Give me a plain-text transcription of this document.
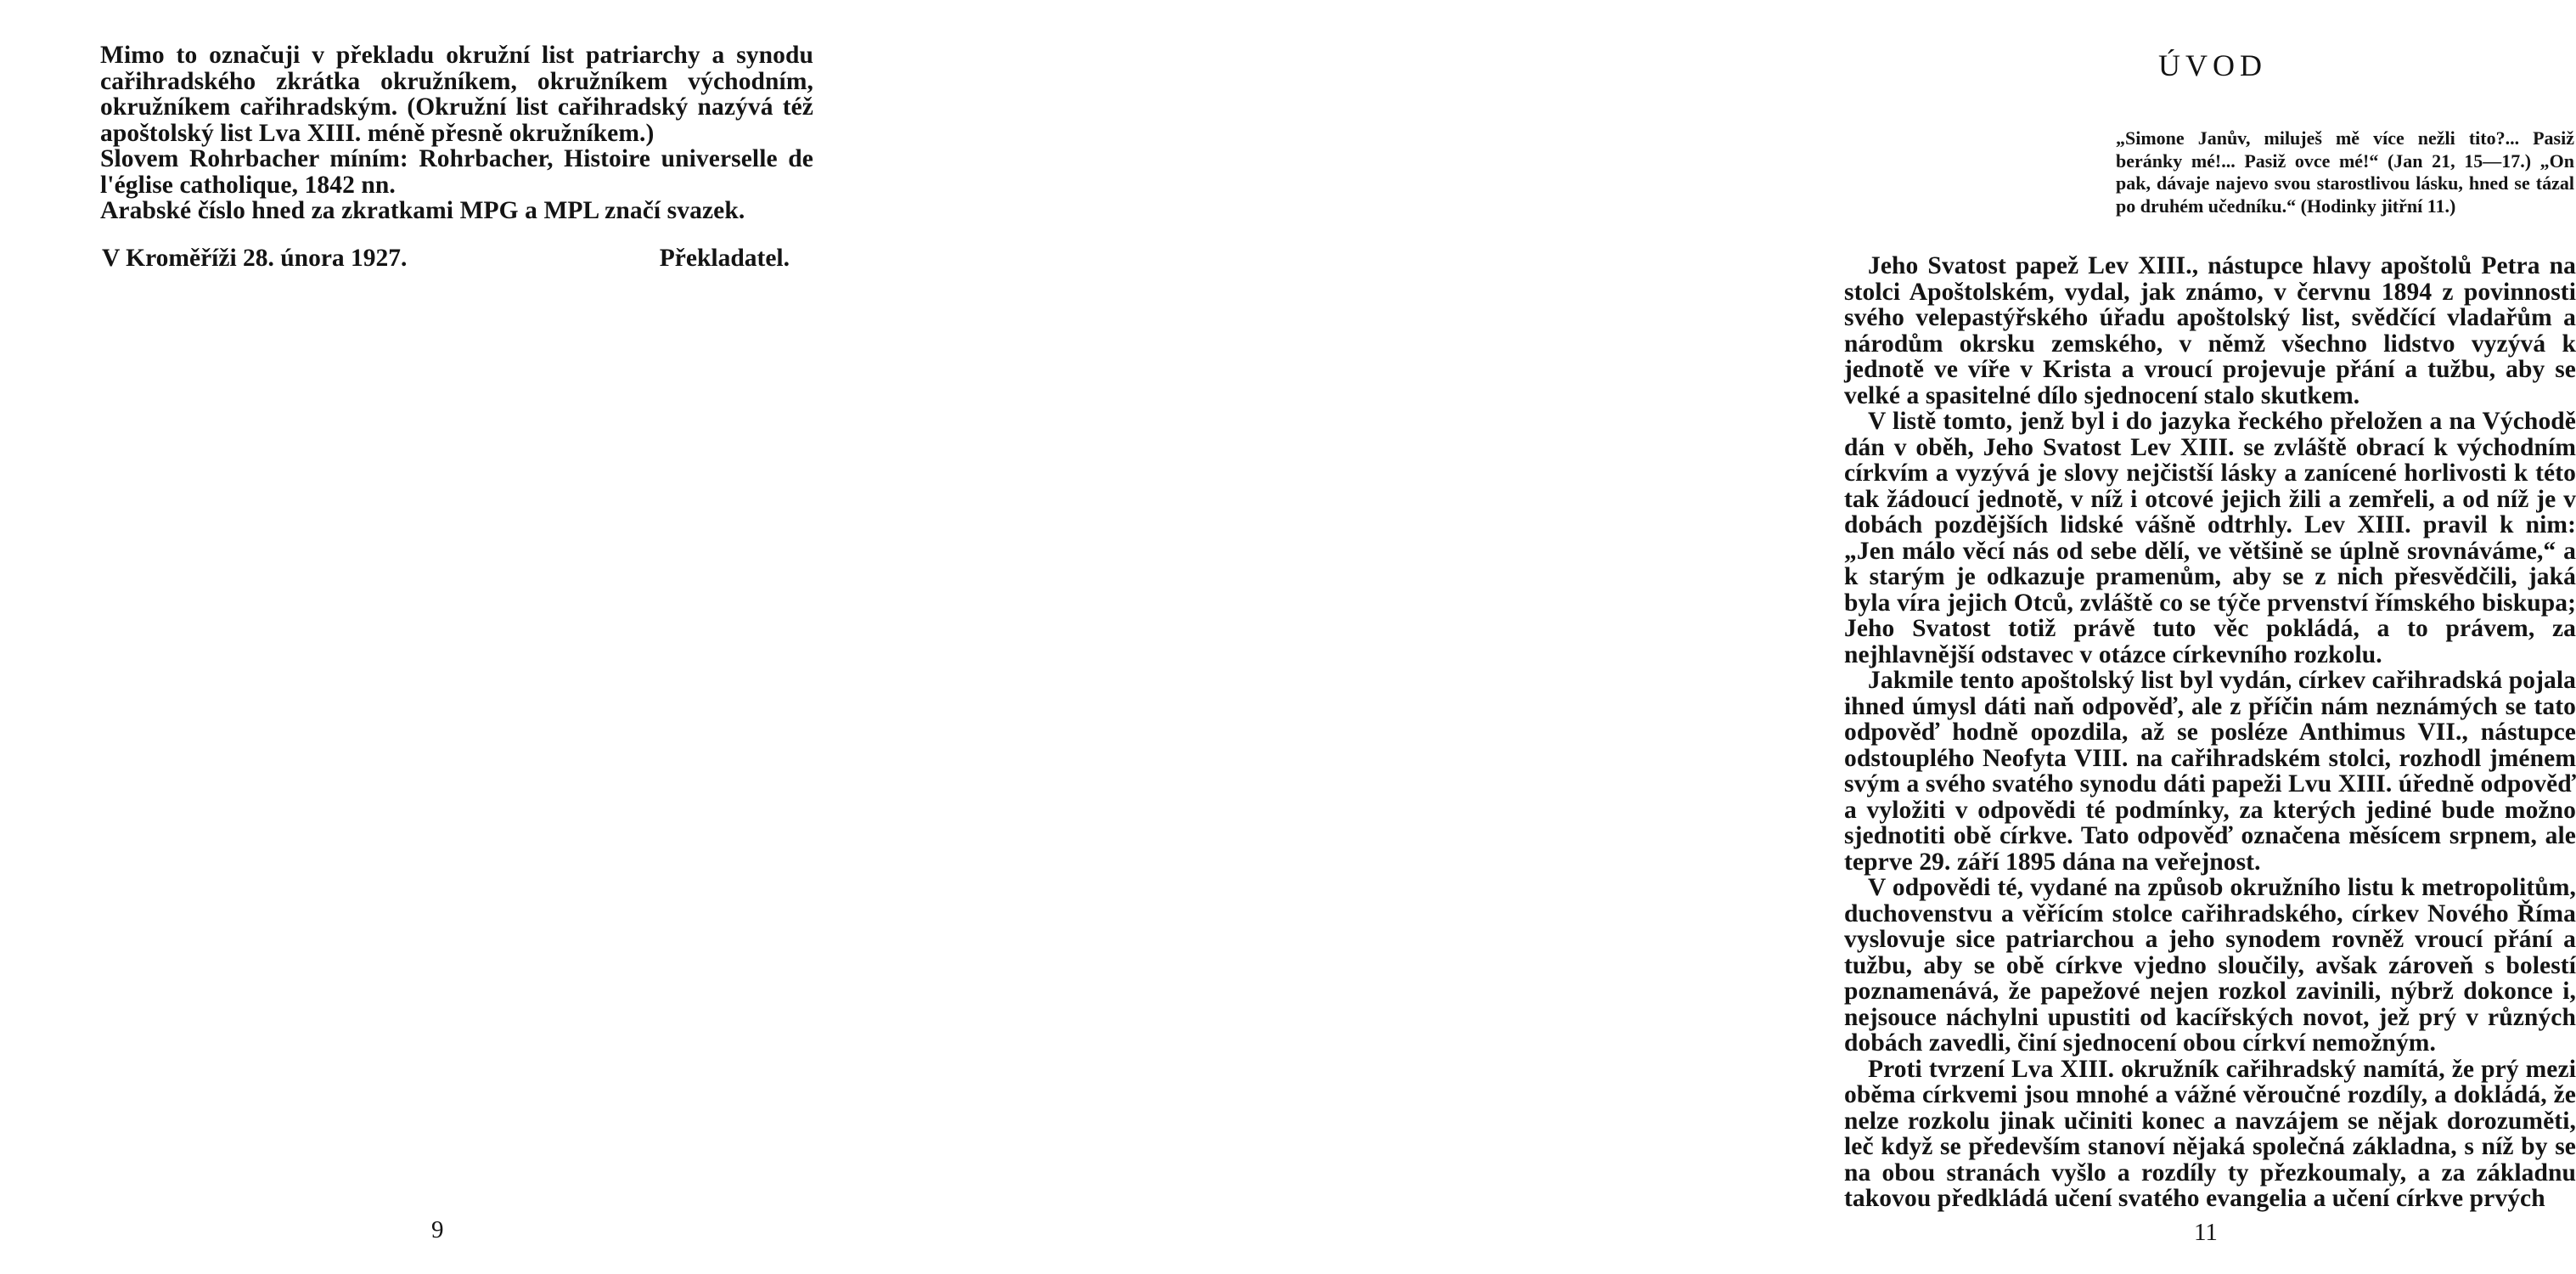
Mimo to označuji v překladu okružní list patriarchy a synodu cařihradského zkrátka okružníkem, okružníkem východním, okružníkem cařihradským. (Okružní list cařihradský nazývá též apoštolský list Lva XIII. méně přesně okružníkem.)

Slovem Rohrbacher míním: Rohrbacher, Histoire universelle de l'église catholique, 1842 nn.

Arabské číslo hned za zkratkami MPG a MPL značí svazek.

V Kroměříži 28. února 1927.	Překladatel.
9
ÚVOD

„Simone Janův, miluješ mě více nežli tito?... Pasiž beránky mé!... Pasiž ovce mé!“ (Jan 21, 15—17.) „On pak, dávaje najevo svou starostlivou lásku, hned se tázal po druhém učedníku.“ (Hodinky jitřní 11.)

Jeho Svatost papež Lev XIII., nástupce hlavy apoštolů Petra na stolci Apoštolském, vydal, jak známo, v červnu 1894 z povinnosti svého velepastýřského úřadu apoštolský list, svědčící vladařům a národům okrsku zemského, v němž všechno lidstvo vyzývá k jednotě ve víře v Krista a vroucí projevuje přání a tužbu, aby se velké a spasitelné dílo sjednocení stalo skutkem.

V listě tomto, jenž byl i do jazyka řeckého přeložen a na Východě dán v oběh, Jeho Svatost Lev XIII. se zvláště obrací k východním církvím a vyzývá je slovy nejčistší lásky a zanícené horlivosti k této tak žádoucí jednotě, v níž i otcové jejich žili a zemřeli, a od níž je v dobách pozdějších lidské vášně odtrhly. Lev XIII. pravil k nim: „Jen málo věcí nás od sebe dělí, ve většině se úplně srovnáváme,“ a k starým je odkazuje pramenům, aby se z nich přesvědčili, jaká byla víra jejich Otců, zvláště co se týče prvenství římského biskupa; Jeho Svatost totiž právě tuto věc pokládá, a to právem, za nejhlavnější odstavec v otázce církevního rozkolu.

Jakmile tento apoštolský list byl vydán, církev cařihradská pojala ihned úmysl dáti naň odpověď, ale z příčin nám neznámých se tato odpověď hodně opozdila, až se posléze Anthimus VII., nástupce odstouplého Neofyta VIII. na cařihradském stolci, rozhodl jménem svým a svého svatého synodu dáti papeži Lvu XIII. úředně odpověď a vyložiti v odpovědi té podmínky, za kterých jediné bude možno sjednotiti obě církve. Tato odpověď označena měsícem srpnem, ale teprve 29. září 1895 dána na veřejnost.

V odpovědi té, vydané na způsob okružního listu k metropolitům, duchovenstvu a věřícím stolce cařihradského, církev Nového Říma vyslovuje sice patriarchou a jeho synodem rovněž vroucí přání a tužbu, aby se obě církve vjedno sloučily, avšak zároveň s bolestí poznamenává, že papežové nejen rozkol zavinili, nýbrž dokonce i, nejsouce náchylni upustiti od kacířských novot, jež prý v různých dobách zavedli, činí sjednocení obou církví nemožným.

Proti tvrzení Lva XIII. okružník cařihradský namítá, že prý mezi oběma církvemi jsou mnohé a vážné věroučné rozdíly, a dokládá, že nelze rozkolu jinak učiniti konec a navzájem se nějak dorozuměti, leč když se především stanoví nějaká společná základna, s níž by se na obou stranách vyšlo a rozdíly ty přezkoumaly, a za základnu takovou předkládá učení svatého evangelia a učení církve prvých

11
